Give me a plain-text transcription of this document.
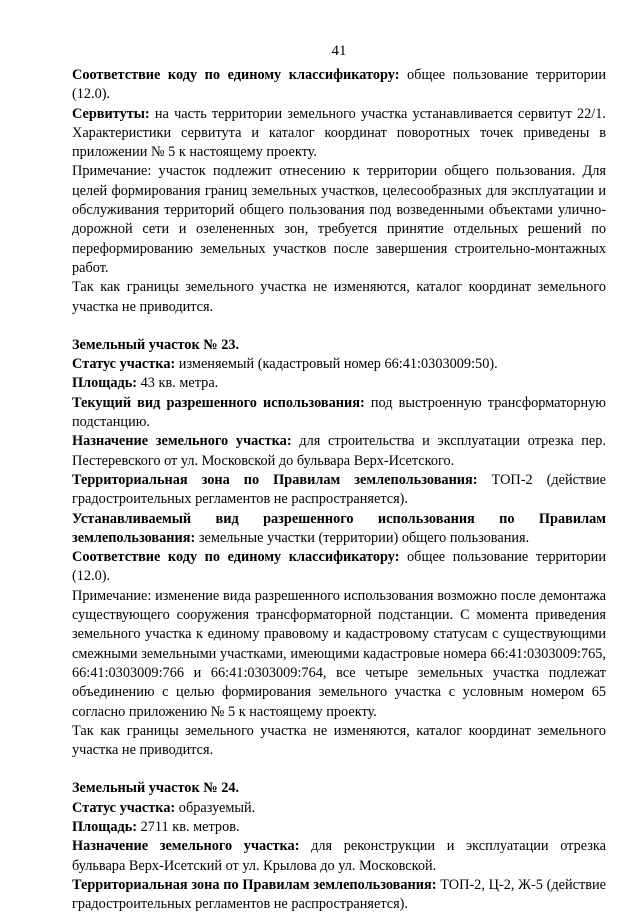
41

Соответствие коду по единому классификатору: общее пользование территории (12.0).

Сервитуты: на часть территории земельного участка устанавливается сервитут 22/1. Характеристики сервитута и каталог координат поворотных точек приведены в приложении № 5 к настоящему проекту.

Примечание: участок подлежит отнесению к территории общего пользования. Для целей формирования границ земельных участков, целесообразных для эксплуатации и обслуживания территорий общего пользования под возведенными объектами улично-дорожной сети и озелененных зон, требуется принятие отдельных решений по переформированию земельных участков после завершения строительно-монтажных работ.

Так как границы земельного участка не изменяются, каталог координат земельного участка не приводится.

Земельный участок № 23.

Статус участка: изменяемый (кадастровый номер 66:41:0303009:50).

Площадь: 43 кв. метра.

Текущий вид разрешенного использования: под выстроенную трансформаторную подстанцию.

Назначение земельного участка: для строительства и эксплуатации отрезка пер. Пестеревского от ул. Московской до бульвара Верх-Исетского.

Территориальная зона по Правилам землепользования: ТОП-2 (действие градостроительных регламентов не распространяется).

Устанавливаемый вид разрешенного использования по Правилам землепользования: земельные участки (территории) общего пользования.

Соответствие коду по единому классификатору: общее пользование территории (12.0).

Примечание: изменение вида разрешенного использования возможно после демонтажа существующего сооружения трансформаторной подстанции. С момента приведения земельного участка к единому правовому и кадастровому статусам с существующими смежными земельными участками, имеющими кадастровые номера 66:41:0303009:765, 66:41:0303009:766 и 66:41:0303009:764, все четыре земельных участка подлежат объединению с целью формирования земельного участка с условным номером 65 согласно приложению № 5 к настоящему проекту.

Так как границы земельного участка не изменяются, каталог координат земельного участка не приводится.

Земельный участок № 24.

Статус участка: образуемый.

Площадь: 2711 кв. метров.

Назначение земельного участка: для реконструкции и эксплуатации отрезка бульвара Верх-Исетский от ул. Крылова до ул. Московской.

Территориальная зона по Правилам землепользования: ТОП-2, Ц-2, Ж-5 (действие градостроительных регламентов не распространяется).
